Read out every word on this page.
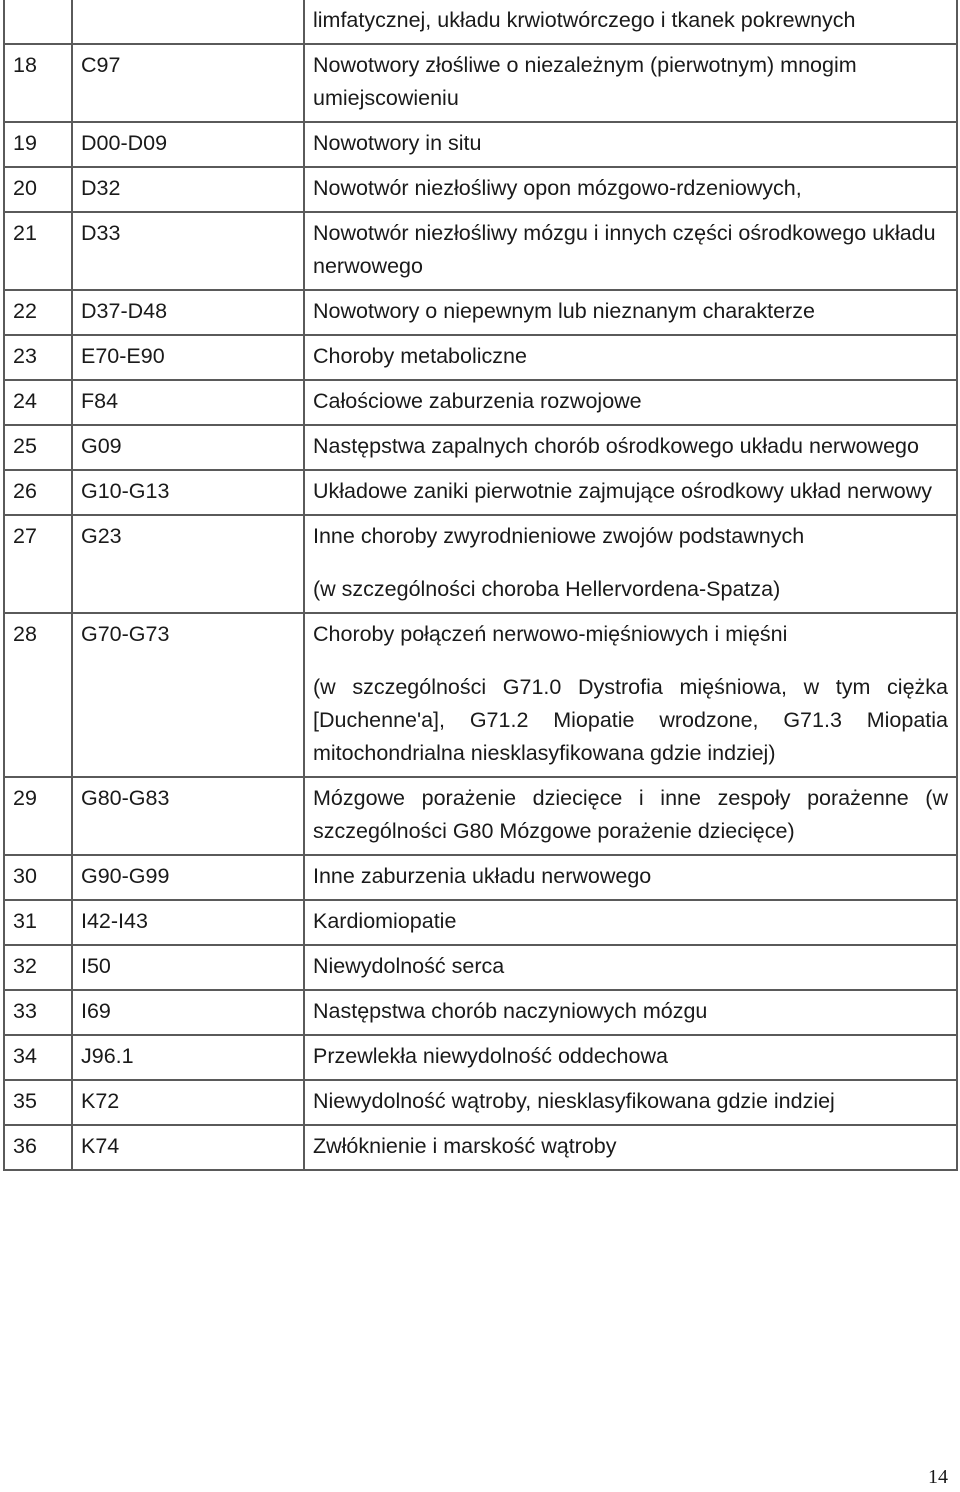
		limfatycznej, układu krwiotwórczego i tkanek pokrewnych

18	C97	Nowotwory złośliwe o niezależnym (pierwotnym) mnogim umiejscowieniu

19	D00-D09	Nowotwory in situ

20	D32	Nowotwór niezłośliwy opon mózgowo-rdzeniowych,

21	D33	Nowotwór niezłośliwy mózgu i innych części ośrodkowego układu nerwowego

22	D37-D48	Nowotwory o niepewnym lub nieznanym charakterze

23	E70-E90	Choroby metaboliczne

24	F84	Całościowe zaburzenia rozwojowe

25	G09	Następstwa zapalnych chorób ośrodkowego układu nerwowego

26	G10-G13	Układowe zaniki pierwotnie zajmujące ośrodkowy układ nerwowy

27	G23	Inne choroby zwyrodnieniowe zwojów podstawnych
(w szczególności choroba Hellervordena-Spatza)

28	G70-G73	Choroby połączeń nerwowo-mięśniowych i mięśni
(w szczególności G71.0 Dystrofia mięśniowa, w tym ciężka [Duchenne'a], G71.2 Miopatie wrodzone, G71.3 Miopatia mitochondrialna niesklasyfikowana gdzie indziej)

29	G80-G83	Mózgowe porażenie dziecięce i inne zespoły porażenne (w szczególności G80 Mózgowe porażenie dziecięce)

30	G90-G99	Inne zaburzenia układu nerwowego

31	I42-I43	Kardiomiopatie

32	I50	Niewydolność serca

33	I69	Następstwa chorób naczyniowych mózgu

34	J96.1	Przewlekła niewydolność oddechowa

35	K72	Niewydolność wątroby, niesklasyfikowana gdzie indziej

36	K74	Zwłóknienie i marskość wątroby
14
